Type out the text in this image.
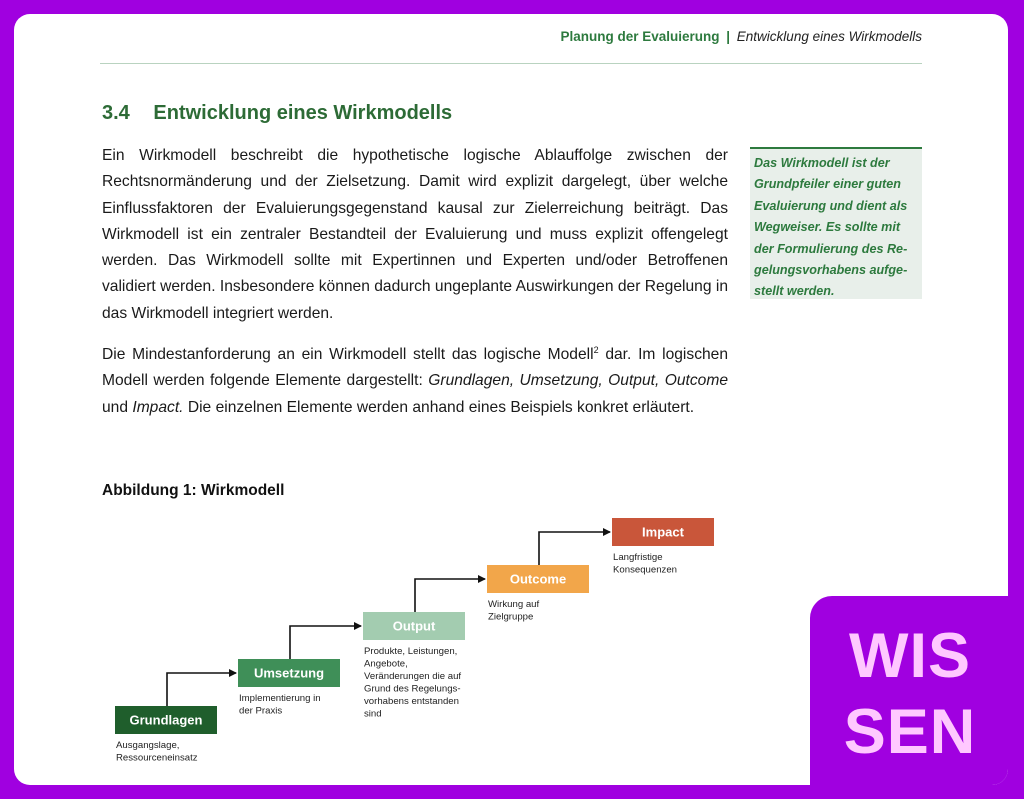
Planung der Evaluierung | Entwicklung eines Wirkmodells
3.4 Entwicklung eines Wirkmodells
Ein Wirkmodell beschreibt die hypothetische logische Ablauffolge zwischen der Rechtsnormänderung und der Zielsetzung. Damit wird explizit dargelegt, über welche Einflussfaktoren der Evaluierungsgegenstand kausal zur Zielerreichung beiträgt. Das Wirkmodell ist ein zentraler Bestandteil der Evaluierung und muss explizit offengelegt werden. Das Wirkmodell sollte mit Expertinnen und Experten und/oder Betroffenen validiert werden. Insbesondere können dadurch ungeplante Auswirkungen der Regelung in das Wirkmodell integriert werden.
Die Mindestanforderung an ein Wirkmodell stellt das logische Modell$^2$ dar. Im logischen Modell werden folgende Elemente dargestellt: Grundlagen, Umsetzung, Output, Outcome und Impact. Die einzelnen Elemente werden anhand eines Beispiels konkret erläutert.
Das Wirkmodell ist der Grundpfeiler einer guten Evaluierung und dient als Wegweiser. Es sollte mit der Formulierung des Regelungsvorhabens aufgestellt werden.
Abbildung 1: Wirkmodell
Grundlagen
Ausgangslage,
Ressourceneinsatz
Umsetzung
Implementierung in
der Praxis
Output
Produkte, Leistungen,
Angebote,
Veränderungen die auf
Grund des Regelungs-
vorhabens entstanden
sind
Outcome
Wirkung auf
Zielgruppe
Impact
Langfristige
Konsequenzen
WIS
SEN
